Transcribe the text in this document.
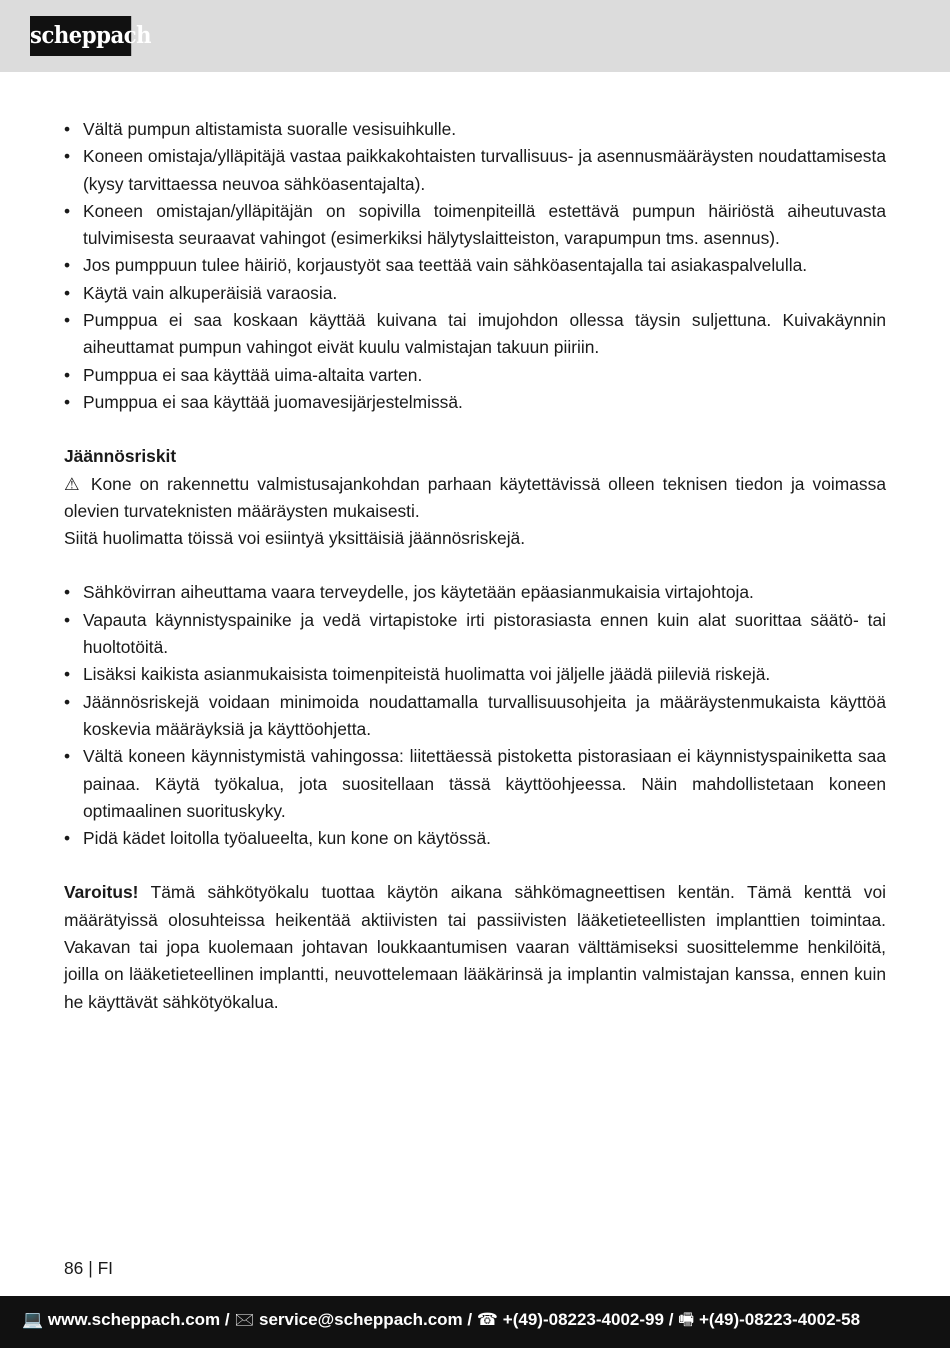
scheppach
• Vältä pumpun altistamista suoralle vesisuihkulle.
• Koneen omistaja/ylläpitäjä vastaa paikkakohtaisten turvallisuus- ja asennusmääräysten noudattamisesta (kysy tarvittaessa neuvoa sähköasentajalta).
• Koneen omistajan/ylläpitäjän on sopivilla toimenpiteillä estettävä pumpun häiriöstä aiheutuvasta tulvimisesta seuraavat vahingot (esimerkiksi hälytyslaitteiston, varapumpun tms. asennus).
• Jos pumppuun tulee häiriö, korjaustyöt saa teettää vain sähköasentajalla tai asiakaspalvelulla.
• Käytä vain alkuperäisiä varaosia.
• Pumppua ei saa koskaan käyttää kuivana tai imujohdon ollessa täysin suljettuna. Kuivakäynnin aiheuttamat pumpun vahingot eivät kuulu valmistajan takuun piiriin.
• Pumppua ei saa käyttää uima-altaita varten.
• Pumppua ei saa käyttää juomavesijärjestelmissä.
Jäännösriskit
⚠ Kone on rakennettu valmistusajankohdan parhaan käytettävissä olleen teknisen tiedon ja voimassa olevien turvateknisten määräysten mukaisesti.
Siitä huolimatta töissä voi esiintyä yksittäisiä jäännösriskejä.
• Sähkövirran aiheuttama vaara terveydelle, jos käytetään epäasianmukaisia virtajohtoja.
• Vapauta käynnistyspainike ja vedä virtapistoke irti pistorasiasta ennen kuin alat suorittaa säätö- tai huoltotöitä.
• Lisäksi kaikista asianmukaisista toimenpiteistä huolimatta voi jäljelle jäädä piileviä riskejä.
• Jäännösriskejä voidaan minimoida noudattamalla turvallisuusohjeita ja määräystenmukaista käyttöä koskevia määräyksiä ja käyttöohjetta.
• Vältä koneen käynnistymistä vahingossa: liitettäessä pistoketta pistorasiaan ei käynnistyspainiketta saa painaa. Käytä työkalua, jota suositellaan tässä käyttöohjeessa. Näin mahdollistetaan koneen optimaalinen suorituskyky.
• Pidä kädet loitolla työalueelta, kun kone on käytössä.
Varoitus! Tämä sähkötyökalu tuottaa käytön aikana sähkömagneettisen kentän. Tämä kenttä voi määrätyissä olosuhteissa heikentää aktiivisten tai passiivisten lääketieteellisten implanttien toimintaa. Vakavan tai jopa kuolemaan johtavan loukkaantumisen vaaran välttämiseksi suosittelemme henkilöitä, joilla on lääketieteellinen implantti, neuvottelemaan lääkärinsä ja implantin valmistajan kanssa, ennen kuin he käyttävät sähkötyökalua.
86 | FI
💻 www.scheppach.com / 🖂 service@scheppach.com / ☎ +(49)-08223-4002-99 / 🖷 +(49)-08223-4002-58
